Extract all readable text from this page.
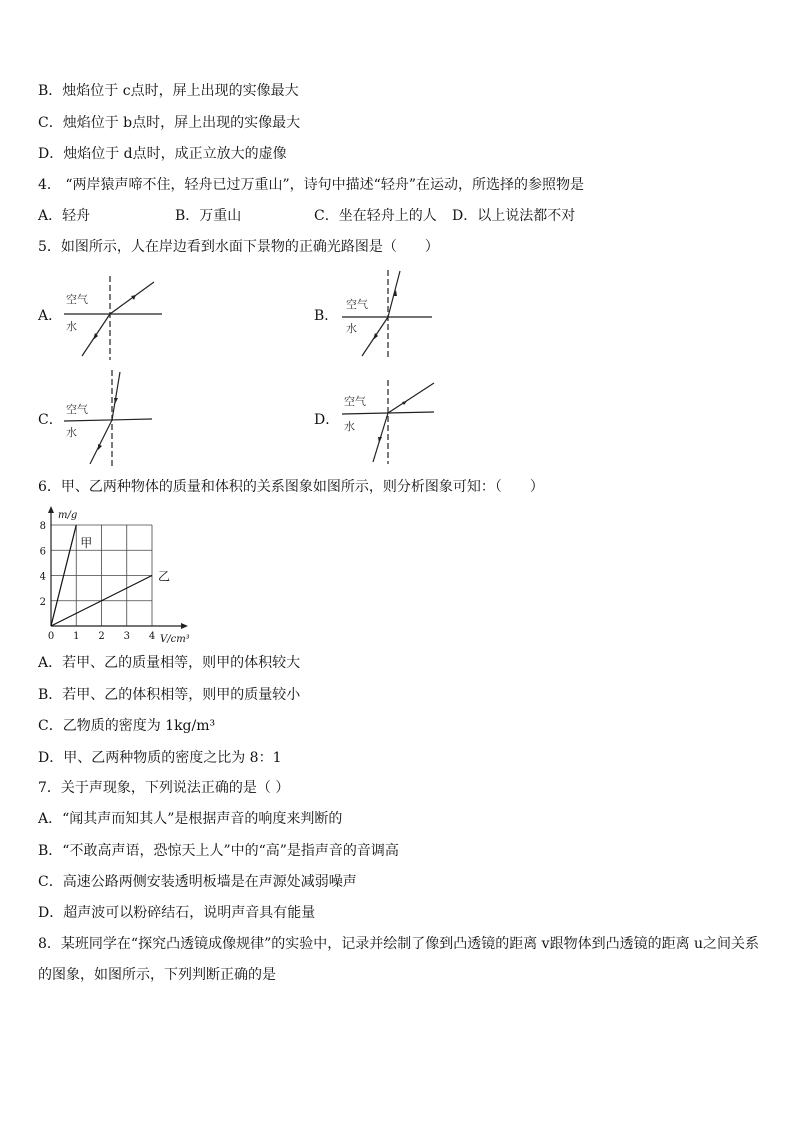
B．烛焰位于 c点时，屏上出现的实像最大
C．烛焰位于 b点时，屏上出现的实像最大
D．烛焰位于 d点时，成正立放大的虚像
4． “两岸猿声啼不住，轻舟已过万重山”，诗句中描述“轻舟”在运动，所选择的参照物是
A．轻舟	B．万重山	C．坐在轻舟上的人 D．以上说法都不对
5．如图所示，人在岸边看到水面下景物的正确光路图是（　　）
A．	B．
C．	D．
空气
水
空气
水
空气
水
空气
水
6．甲、乙两种物体的质量和体积的关系图象如图所示，则分析图象可知：（　　）
0 1 2 3 4
2
4
6
8
m/g
V/cm³
甲
乙
A．若甲、乙的质量相等，则甲的体积较大
B．若甲、乙的体积相等，则甲的质量较小
C．乙物质的密度为 1kg/m³
D．甲、乙两种物质的密度之比为 8：1
7．关于声现象，下列说法正确的是（ ）
A．“闻其声而知其人”是根据声音的响度来判断的
B．“不敢高声语，恐惊天上人”中的“高”是指声音的音调高
C．高速公路两侧安装透明板墙是在声源处减弱噪声
D．超声波可以粉碎结石，说明声音具有能量
8．某班同学在“探究凸透镜成像规律”的实验中，记录并绘制了像到凸透镜的距离 v跟物体到凸透镜的距离 u之间关系
的图象，如图所示，下列判断正确的是
